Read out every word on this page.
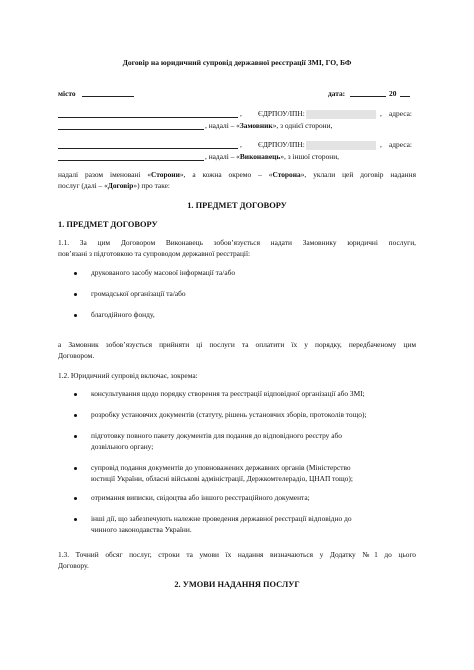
Договір на юридичний супровід державної реєстрації ЗМІ, ГО, БФ
місто	дата:	20
, ЄДРПОУ/ІПН:	, адреса:
, надалі – «Замовник», з однієї сторони,
, ЄДРПОУ/ІПН:	, адреса:
, надалі – «Виконавець», з іншої сторони,
надалі разом іменовані «Сторони», а кожна окремо – «Сторона», уклали цей договір надання
послуг (далі – «Договір») про таке:
1. ПРЕДМЕТ ДОГОВОРУ
1. ПРЕДМЕТ ДОГОВОРУ
1.1. За цим Договором Виконавець зобов’язується надати Замовнику юридичні послуги,
пов’язані з підготовкою та супроводом державної реєстрації:
друкованого засобу масової інформації та/або
громадської організації та/або
благодійного фонду,
а Замовник зобов’язується прийняти ці послуги та оплатити їх у порядку, передбаченому цим
Договором.
1.2. Юридичний супровід включає, зокрема:
консультування щодо порядку створення та реєстрації відповідної організації або ЗМІ;
розробку установчих документів (статуту, рішень установчих зборів, протоколів тощо);
підготовку повного пакету документів для подання до відповідного реєстру або
дозвільного органу;
супровід подання документів до уповноважених державних органів (Міністерство
юстиції України, обласні військові адміністрації, Держкомтелерадіо, ЦНАП тощо);
отримання виписки, свідоцтва або іншого реєстраційного документа;
інші дії, що забезпечують належне проведення державної реєстрації відповідно до
чинного законодавства України.
1.3. Точний обсяг послуг, строки та умови їх надання визначаються у Додатку №1 до цього
Договору.
2. УМОВИ НАДАННЯ ПОСЛУГ
